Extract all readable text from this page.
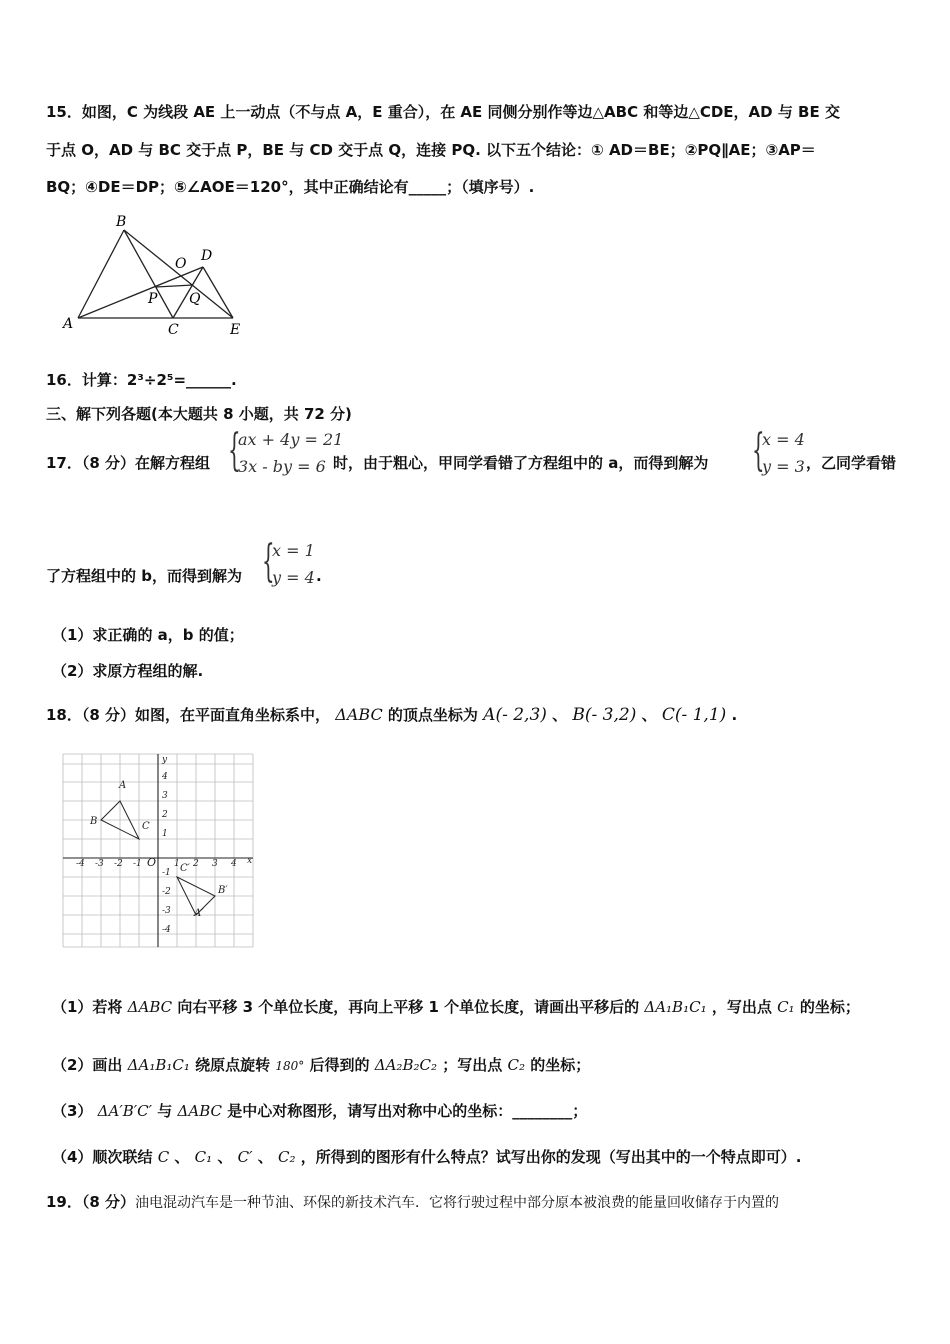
15．如图，C 为线段 AE 上一动点（不与点 A，E 重合），在 AE 同侧分别作等边△ABC 和等边△CDE，AD 与 BE 交
于点 O，AD 与 BC 交于点 P，BE 与 CD 交于点 Q，连接 PQ. 以下五个结论：① AD＝BE；②PQ∥AE；③AP＝
BQ；④DE＝DP；⑤∠AOE＝120°，其中正确结论有_____；（填序号）.
B
D
O
P Q
A	C	E
16．计算：2³÷2⁵=______.
三、解下列各题(本大题共 8 小题，共 72 分)
17．（8 分）在解方程组 {
ax + 4y = 21
3x - by = 6 时，由于粗心，甲同学看错了方程组中的 a，而得到解为 {
x = 4
y = 3 ，乙同学看错
了方程组中的 b，而得到解为 {
x = 1
y = 4 .
（1）求正确的 a，b 的值；
（2）求原方程组的解.
18．（8 分）如图，在平面直角坐标系中， ΔABC 的顶点坐标为 A(- 2,3) 、 B(- 3,2) 、 C(- 1,1) .
x
y
O
-4 -3 -2 -1	1 2 3 4
4
3
2
1
-1
-2
-3
-4
A
B	C
A′
B′
C′
（1）若将 ΔABC 向右平移 3 个单位长度，再向上平移 1 个单位长度，请画出平移后的 ΔA₁B₁C₁ ，写出点 C₁ 的坐标；
（2）画出 ΔA₁B₁C₁ 绕原点旋转 180° 后得到的 ΔA₂B₂C₂ ；写出点 C₂ 的坐标；
（3） ΔA′B′C′ 与 ΔABC 是中心对称图形，请写出对称中心的坐标：________；
（4）顺次联结 C 、 C₁ 、 C′ 、 C₂ ，所得到的图形有什么特点？试写出你的发现（写出其中的一个特点即可）.
19．（8 分）油电混动汽车是一种节油、环保的新技术汽车．它将行驶过程中部分原本被浪费的能量回收储存于内置的
